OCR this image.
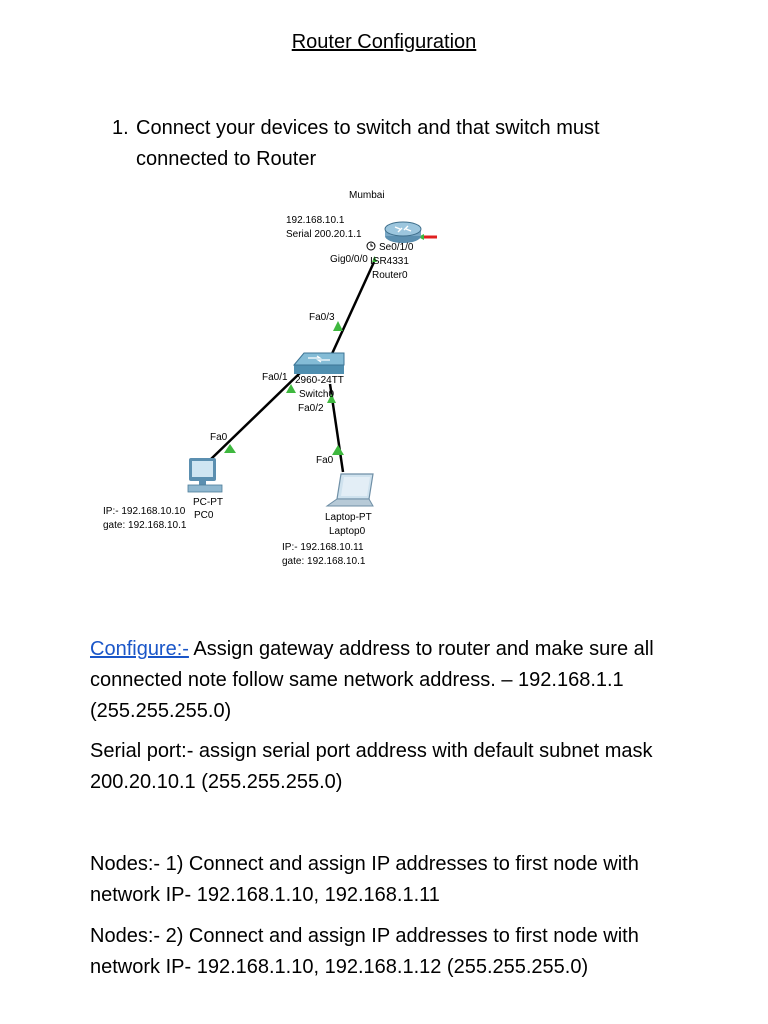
Router Configuration
1. Connect your devices to switch and that switch must connected to Router
Mumbai
192.168.10.1
Serial 200.20.1.1
Se0/1/0
Gig0/0/0 ISR4331
Router0
Fa0/3
Fa0/1 2960-24TT
Switch0
Fa0/2
Fa0
PC-PT
PC0
IP:- 192.168.10.10
gate: 192.168.10.1
Fa0
Laptop-PT
Laptop0
IP:- 192.168.10.11
gate: 192.168.10.1
Configure:- Assign gateway address to router and make sure all connected note follow same network address. – 192.168.1.1 (255.255.255.0)
Serial port:- assign serial port address with default subnet mask 200.20.10.1 (255.255.255.0)
Nodes:- 1) Connect and assign IP addresses to first node with network IP- 192.168.1.10, 192.168.1.11
Nodes:- 2) Connect and assign IP addresses to first node with network IP- 192.168.1.10, 192.168.1.12 (255.255.255.0)
